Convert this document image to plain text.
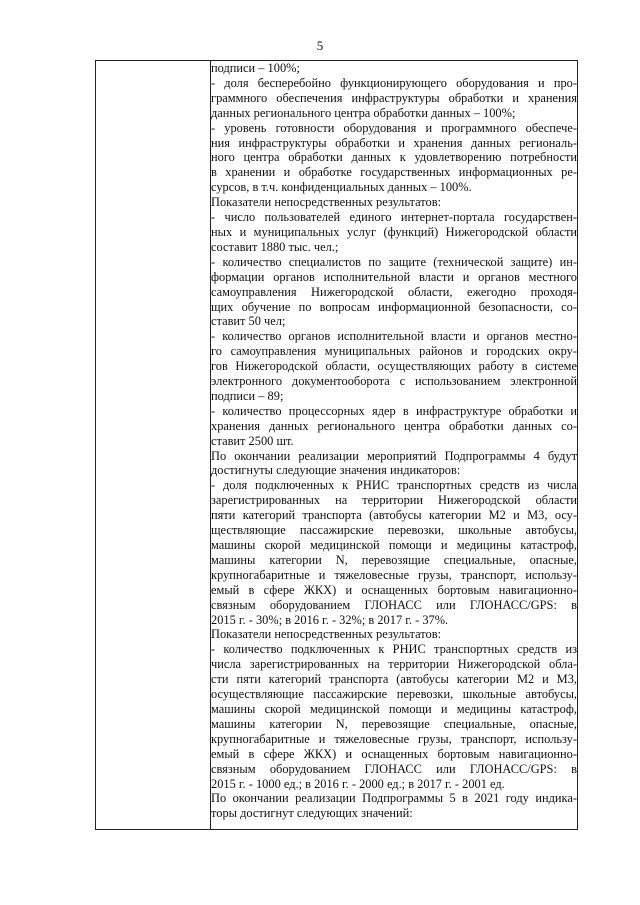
5

подписи – 100%;
- доля бесперебойно функционирующего оборудования и про-
граммного обеспечения инфраструктуры обработки и хранения
данных регионального центра обработки данных – 100%;
- уровень готовности оборудования и программного обеспече-
ния инфраструктуры обработки и хранения данных региональ-
ного центра обработки данных к удовлетворению потребности
в хранении и обработке государственных информационных ре-
сурсов, в т.ч. конфиденциальных данных – 100%.
Показатели непосредственных результатов:
- число пользователей единого интернет-портала государствен-
ных и муниципальных услуг (функций) Нижегородской области
составит 1880 тыс. чел.;
- количество специалистов по защите (технической защите) ин-
формации органов исполнительной власти и органов местного
самоуправления Нижегородской области, ежегодно проходя-
щих обучение по вопросам информационной безопасности, со-
ставит 50 чел;
- количество органов исполнительной власти и органов местно-
го самоуправления муниципальных районов и городских окру-
гов Нижегородской области, осуществляющих работу в системе
электронного документооборота с использованием электронной
подписи – 89;
- количество процессорных ядер в инфраструктуре обработки и
хранения данных регионального центра обработки данных со-
ставит 2500 шт.
По окончании реализации мероприятий Подпрограммы 4 будут
достигнуты следующие значения индикаторов:
- доля подключенных к РНИС транспортных средств из числа
зарегистрированных на территории Нижегородской области
пяти категорий транспорта (автобусы категории М2 и М3, осу-
ществляющие пассажирские перевозки, школьные автобусы,
машины скорой медицинской помощи и медицины катастроф,
машины категории N, перевозящие специальные, опасные,
крупногабаритные и тяжеловесные грузы, транспорт, использу-
емый в сфере ЖКХ) и оснащенных бортовым навигационно-
связным оборудованием ГЛОНАСС или ГЛОНАСС/GPS: в
2015 г. - 30%; в 2016 г. - 32%; в 2017 г. - 37%.
Показатели непосредственных результатов:
- количество подключенных к РНИС транспортных средств из
числа зарегистрированных на территории Нижегородской обла-
сти пяти категорий транспорта (автобусы категории М2 и М3,
осуществляющие пассажирские перевозки, школьные автобусы,
машины скорой медицинской помощи и медицины катастроф,
машины категории N, перевозящие специальные, опасные,
крупногабаритные и тяжеловесные грузы, транспорт, использу-
емый в сфере ЖКХ) и оснащенных бортовым навигационно-
связным оборудованием ГЛОНАСС или ГЛОНАСС/GPS: в
2015 г. - 1000 ед.; в 2016 г. - 2000 ед.; в 2017 г. - 2001 ед.
По окончании реализации Подпрограммы 5 в 2021 году индика-
торы достигнут следующих значений:
